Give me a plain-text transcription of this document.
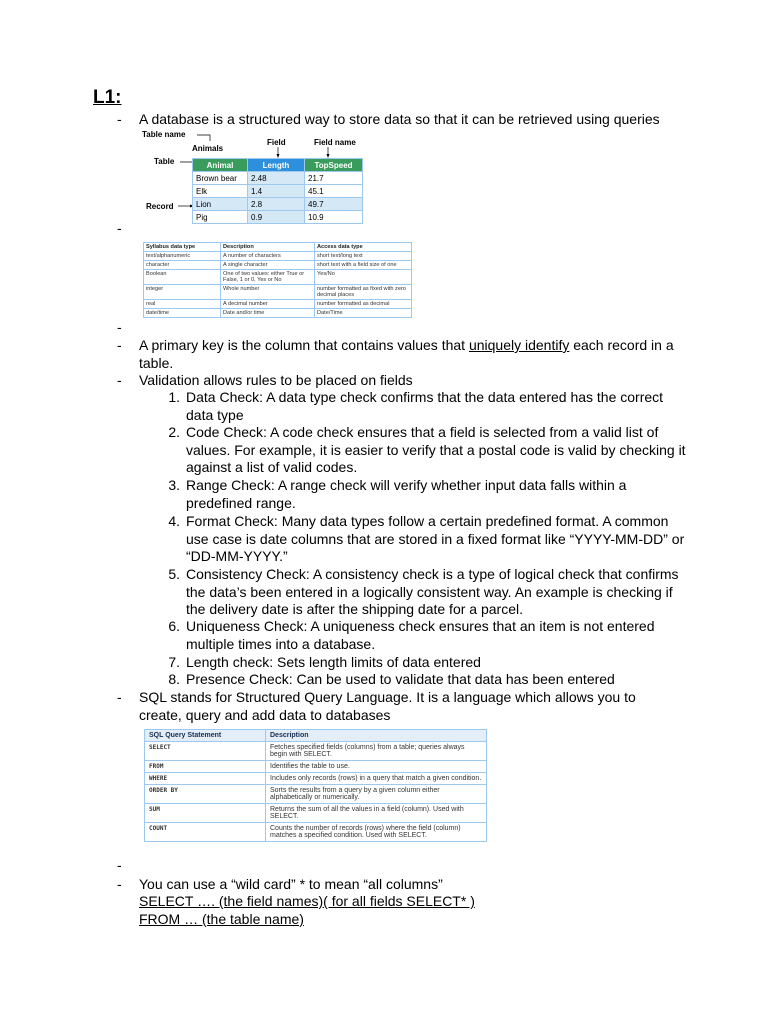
L1:
- A database is a structured way to store data so that it can be retrieved using queries
Table name
Animals
Table
Field	Field name
Record
Animal	Length	TopSpeed
Brown bear	2.48	21.7
Elk	1.4	45.1
Lion	2.8	49.7
Pig	0.9	10.9
-
Syllabus data type	Description	Access data type
text/alphanumeric	A number of characters	short text/long text
character	A single character	short text with a field size of one
Boolean	One of two values: either True or False, 1 or 0, Yes or No	Yes/No
integer	Whole number	number formatted as fixed with zero decimal places
real	A decimal number	number formatted as decimal
date/time	Date and/or time	Date/Time
-
- A primary key is the column that contains values that uniquely identify each record in a table.
- Validation allows rules to be placed on fields
1. Data Check: A data type check confirms that the data entered has the correct data type
2. Code Check: A code check ensures that a field is selected from a valid list of values. For example, it is easier to verify that a postal code is valid by checking it against a list of valid codes.
3. Range Check: A range check will verify whether input data falls within a predefined range.
4. Format Check: Many data types follow a certain predefined format. A common use case is date columns that are stored in a fixed format like “YYYY-MM-DD” or “DD-MM-YYYY.”
5. Consistency Check: A consistency check is a type of logical check that confirms the data’s been entered in a logically consistent way. An example is checking if the delivery date is after the shipping date for a parcel.
6. Uniqueness Check: A uniqueness check ensures that an item is not entered multiple times into a database.
7. Length check: Sets length limits of data entered
8. Presence Check: Can be used to validate that data has been entered
- SQL stands for Structured Query Language. It is a language which allows you to create, query and add data to databases
SQL Query Statement	Description
SELECT	Fetches specified fields (columns) from a table; queries always begin with SELECT.
FROM	Identifies the table to use.
WHERE	Includes only records (rows) in a query that match a given condition.
ORDER BY	Sorts the results from a query by a given column either alphabetically or numerically.
SUM	Returns the sum of all the values in a field (column). Used with SELECT.
COUNT	Counts the number of records (rows) where the field (column) matches a specified condition. Used with SELECT.
-
- You can use a “wild card” * to mean “all columns”
SELECT …. (the field names)( for all fields SELECT* )
FROM … (the table name)
